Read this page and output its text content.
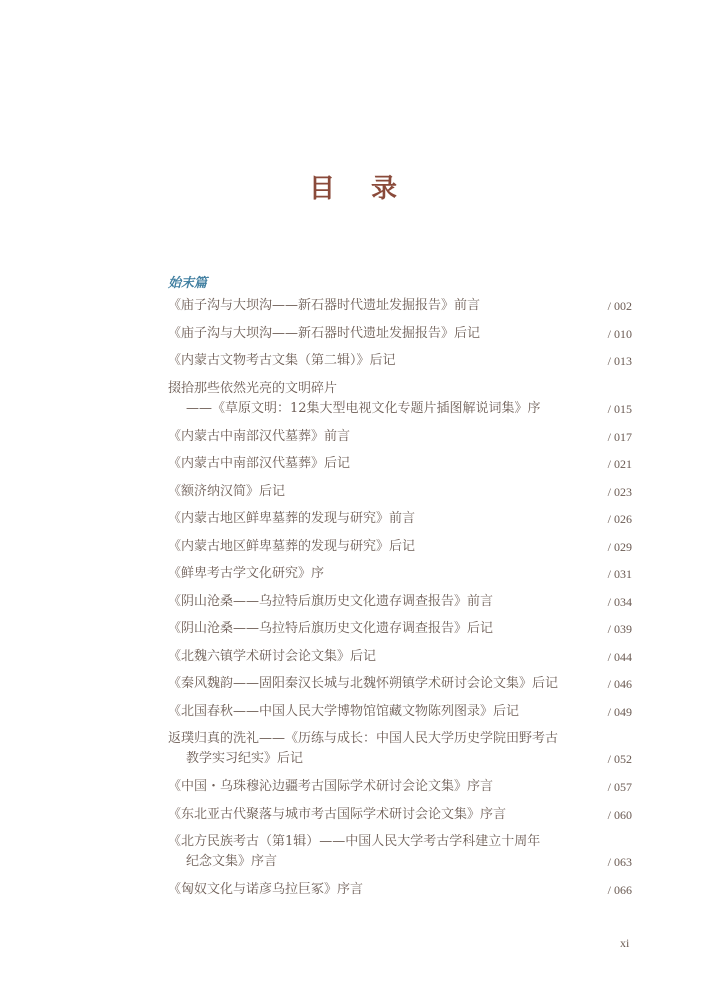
目 录
始末篇
《庙子沟与大坝沟——新石器时代遗址发掘报告》前言	/ 002
《庙子沟与大坝沟——新石器时代遗址发掘报告》后记	/ 010
《内蒙古文物考古文集（第二辑）》后记	/ 013
掇拾那些依然光亮的文明碎片
——《草原文明：12集大型电视文化专题片插图解说词集》序	/ 015
《内蒙古中南部汉代墓葬》前言	/ 017
《内蒙古中南部汉代墓葬》后记	/ 021
《额济纳汉简》后记	/ 023
《内蒙古地区鲜卑墓葬的发现与研究》前言	/ 026
《内蒙古地区鲜卑墓葬的发现与研究》后记	/ 029
《鲜卑考古学文化研究》序	/ 031
《阴山沧桑——乌拉特后旗历史文化遗存调查报告》前言	/ 034
《阴山沧桑——乌拉特后旗历史文化遗存调查报告》后记	/ 039
《北魏六镇学术研讨会论文集》后记	/ 044
《秦风魏韵——固阳秦汉长城与北魏怀朔镇学术研讨会论文集》后记	/ 046
《北国春秋——中国人民大学博物馆馆藏文物陈列图录》后记	/ 049
返璞归真的洗礼——《历练与成长：中国人民大学历史学院田野考古
教学实习纪实》后记	/ 052
《中国・乌珠穆沁边疆考古国际学术研讨会论文集》序言	/ 057
《东北亚古代聚落与城市考古国际学术研讨会论文集》序言	/ 060
《北方民族考古（第1辑）——中国人民大学考古学科建立十周年
纪念文集》序言	/ 063
《匈奴文化与诺彦乌拉巨冢》序言	/ 066
xi
